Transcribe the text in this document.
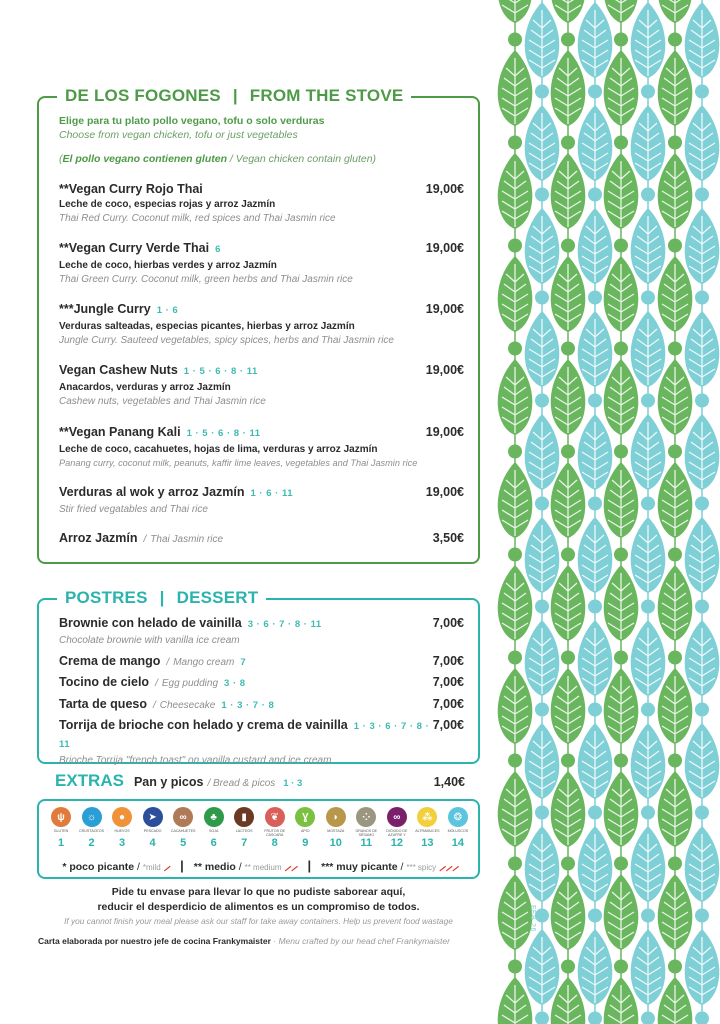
DE LOS FOGONES | FROM THE STOVE
Elige para tu plato pollo vegano, tofu o solo verduras
Choose from vegan chicken, tofu or just vegetables
(El pollo vegano contienen gluten / Vegan chicken contain gluten)
**Vegan Curry Rojo Thai	19,00€
Leche de coco, especias rojas y arroz Jazmín
Thai Red Curry. Coconut milk, red spices and Thai Jasmin rice
**Vegan Curry Verde Thai 6	19,00€
Leche de coco, hierbas verdes y arroz Jazmín
Thai Green Curry. Coconut milk, green herbs and Thai Jasmin rice
***Jungle Curry 1 · 6	19,00€
Verduras salteadas, especias picantes, hierbas y arroz Jazmín
Jungle Curry. Sauteed vegetables, spicy spices, herbs and Thai Jasmin rice
Vegan Cashew Nuts 1 · 5 · 6 · 8 · 11	19,00€
Anacardos, verduras y arroz Jazmín
Cashew nuts, vegetables and Thai Jasmin rice
**Vegan Panang Kali 1 · 5 · 6 · 8 · 11	19,00€
Leche de coco, cacahuetes, hojas de lima, verduras y arroz Jazmín
Panang curry, coconut milk, peanuts, kaffir lime leaves, vegetables and Thai Jasmin rice
Verduras al wok y arroz Jazmín 1 · 6 · 11	19,00€
Stir fried vegatables and Thai rice
Arroz Jazmín / Thai Jasmin rice	3,50€
POSTRES | DESSERT
Brownie con helado de vainilla 3 · 6 · 7 · 8 · 11	7,00€
Chocolate brownie with vanilla ice cream
Crema de mango / Mango cream 7	7,00€
Tocino de cielo / Egg pudding 3 · 8	7,00€
Tarta de queso / Cheesecake 1 · 3 · 7 · 8	7,00€
Torrija de brioche con helado y crema de vainilla 1 · 3 · 6 · 7 · 8 · 11
7,00€
Brioche Torrija "french toast" on vanilla custard and ice cream
EXTRAS Pan y picos / Bread & picos 1 · 3	1,40€
ψ
GLUTEN
1
☼
CRUSTÁCEOS
2
●
HUEVOS
3
➤
PESCADO
4
∞
CACAHUETES
5
♣
SOJA
6
▮
LÁCTEOS
7
❦
FRUTOS DE CÁSCARA
8
Ɣ
APIO
9
◗
MOSTAZA
10
⁘
GRANOS DE SÉSAMO
11
∞
DIÓXIDO DE AZUFRE Y
12
⁂
ALTRAMUCES
13
❂
MOLUSCOS
14
* poco picante / *mild ⸝ | ** medio / ** medium ⸝⸝ | *** muy picante / *** spicy ⸝⸝⸝
Pide tu envase para llevar lo que no pudiste saborear aquí,
reducir el desperdicio de alimentos es un compromiso de todos.
If you cannot finish your meal please ask our staff for take away containers. Help us prevent food wastage
Carta elaborada por nuestro jefe de cocina Frankymaister · Menu crafted by our head chef Frankymaister
FEB 26
